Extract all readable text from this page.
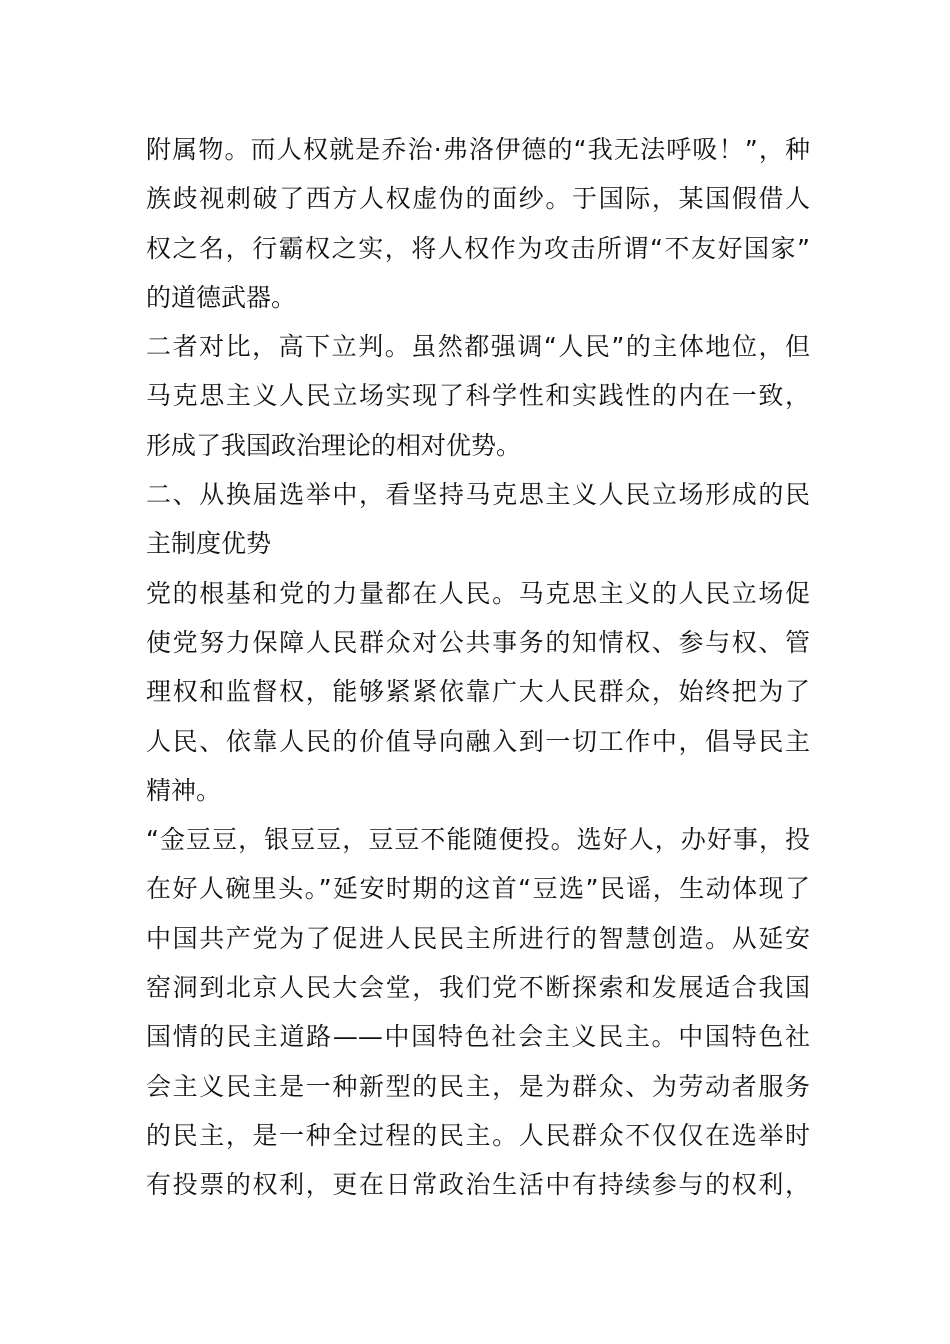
附属物。而人权就是乔治·弗洛伊德的“我无法呼吸！”，种
族歧视刺破了西方人权虚伪的面纱。于国际，某国假借人
权之名，行霸权之实，将人权作为攻击所谓“不友好国家”
的道德武器。
二者对比，高下立判。虽然都强调“人民”的主体地位，但
马克思主义人民立场实现了科学性和实践性的内在一致，
形成了我国政治理论的相对优势。
二、从换届选举中，看坚持马克思主义人民立场形成的民
主制度优势
党的根基和党的力量都在人民。马克思主义的人民立场促
使党努力保障人民群众对公共事务的知情权、参与权、管
理权和监督权，能够紧紧依靠广大人民群众，始终把为了
人民、依靠人民的价值导向融入到一切工作中，倡导民主
精神。
“金豆豆，银豆豆，豆豆不能随便投。选好人，办好事，投
在好人碗里头。”延安时期的这首“豆选”民谣，生动体现了
中国共产党为了促进人民民主所进行的智慧创造。从延安
窑洞到北京人民大会堂，我们党不断探索和发展适合我国
国情的民主道路——中国特色社会主义民主。中国特色社
会主义民主是一种新型的民主，是为群众、为劳动者服务
的民主，是一种全过程的民主。人民群众不仅仅在选举时
有投票的权利，更在日常政治生活中有持续参与的权利，
